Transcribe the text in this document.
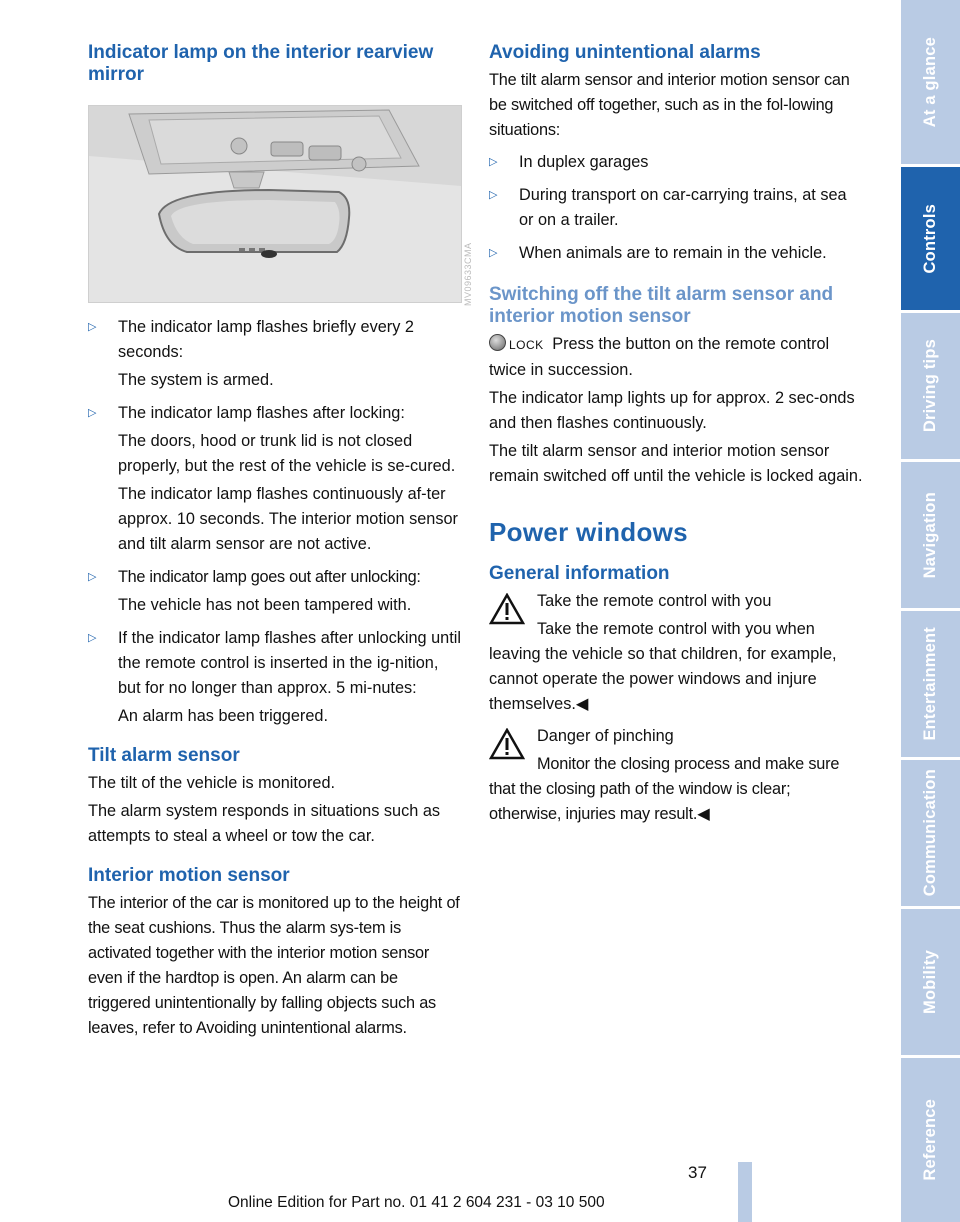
Indicator lamp on the interior rearview mirror
▷ The indicator lamp flashes briefly every 2 seconds:

The system is armed.

▷ The indicator lamp flashes after locking:

The doors, hood or trunk lid is not closed properly, but the rest of the vehicle is se-cured.

The indicator lamp flashes continuously af-ter approx. 10 seconds. The interior motion sensor and tilt alarm sensor are not active.

▷ The indicator lamp goes out after unlocking:

The vehicle has not been tampered with.

▷ If the indicator lamp flashes after unlocking until the remote control is inserted in the ig-nition, but for no longer than approx. 5 mi-nutes:

An alarm has been triggered.

Tilt alarm sensor

The tilt of the vehicle is monitored.

The alarm system responds in situations such as attempts to steal a wheel or tow the car.

Interior motion sensor

The interior of the car is monitored up to the height of the seat cushions. Thus the alarm sys-tem is activated together with the interior motion sensor even if the hardtop is open. An alarm can be triggered unintentionally by falling objects such as leaves, refer to Avoiding unintentional alarms.

MV09633CMA
Avoiding unintentional alarms

The tilt alarm sensor and interior motion sensor can be switched off together, such as in the fol-lowing situations:

▷ In duplex garages

▷ During transport on car-carrying trains, at sea or on a trailer.

▷ When animals are to remain in the vehicle.

Switching off the tilt alarm sensor and interior motion sensor

LOCK Press the button on the remote control twice in succession.

The indicator lamp lights up for approx. 2 sec-onds and then flashes continuously.

The tilt alarm sensor and interior motion sensor remain switched off until the vehicle is locked again.

Power windows
General information

Take the remote control with you

Take the remote control with you when leaving the vehicle so that children, for example, cannot operate the power windows and injure themselves.◀

Danger of pinching

Monitor the closing process and make sure that the closing path of the window is clear; otherwise, injuries may result.◀

At a glance
Controls
Driving tips
Navigation
Entertainment
Communication
Mobility
Reference
37
Online Edition for Part no. 01 41 2 604 231 - 03 10 500
